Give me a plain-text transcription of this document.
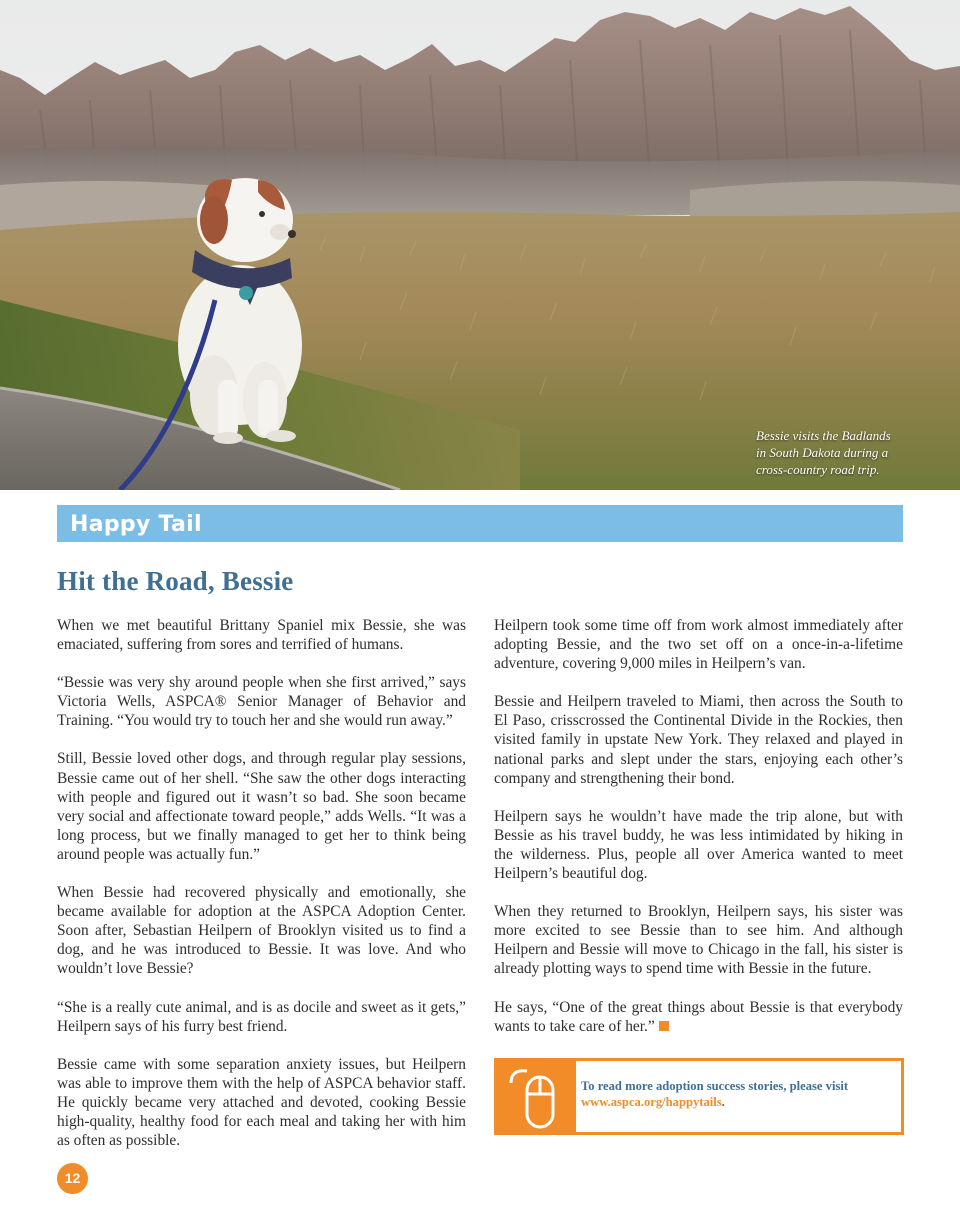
Bessie visits the Badlands
in South Dakota during a
cross-country road trip.
Happy Tail
Hit the Road, Bessie

When we met beautiful Brittany Spaniel mix Bessie, she was emaciated, suffering from sores and terrified of humans.

“Bessie was very shy around people when she first arrived,” says Victoria Wells, ASPCA® Senior Manager of Behavior and Training. “You would try to touch her and she would run away.”

Still, Bessie loved other dogs, and through regular play sessions, Bessie came out of her shell. “She saw the other dogs interacting with people and figured out it wasn’t so bad. She soon became very social and affectionate toward people,” adds Wells. “It was a long process, but we finally managed to get her to think being around people was actually fun.”

When Bessie had recovered physically and emotionally, she became available for adoption at the ASPCA Adoption Center. Soon after, Sebastian Heilpern of Brooklyn visited us to find a dog, and he was introduced to Bessie. It was love. And who wouldn’t love Bessie?

“She is a really cute animal, and is as docile and sweet as it gets,” Heilpern says of his furry best friend.

Bessie came with some separation anxiety issues, but Heilpern was able to improve them with the help of ASPCA behavior staff. He quickly became very attached and devoted, cooking Bessie high-quality, healthy food for each meal and taking her with him as often as possible.

Heilpern took some time off from work almost immediately after adopting Bessie, and the two set off on a once-in-a-lifetime adventure, covering 9,000 miles in Heilpern’s van.

Bessie and Heilpern traveled to Miami, then across the South to El Paso, crisscrossed the Continental Divide in the Rockies, then visited family in upstate New York. They relaxed and played in national parks and slept under the stars, enjoying each other’s company and strengthening their bond.

Heilpern says he wouldn’t have made the trip alone, but with Bessie as his travel buddy, he was less intimidated by hiking in the wilderness. Plus, people all over America wanted to meet Heilpern’s beautiful dog.

When they returned to Brooklyn, Heilpern says, his sister was more excited to see Bessie than to see him. And although Heilpern and Bessie will move to Chicago in the fall, his sister is already plotting ways to spend time with Bessie in the future.

He says, “One of the great things about Bessie is that everybody wants to take care of her.”

To read more adoption success stories, please visit
www.aspca.org/happytails.
12
